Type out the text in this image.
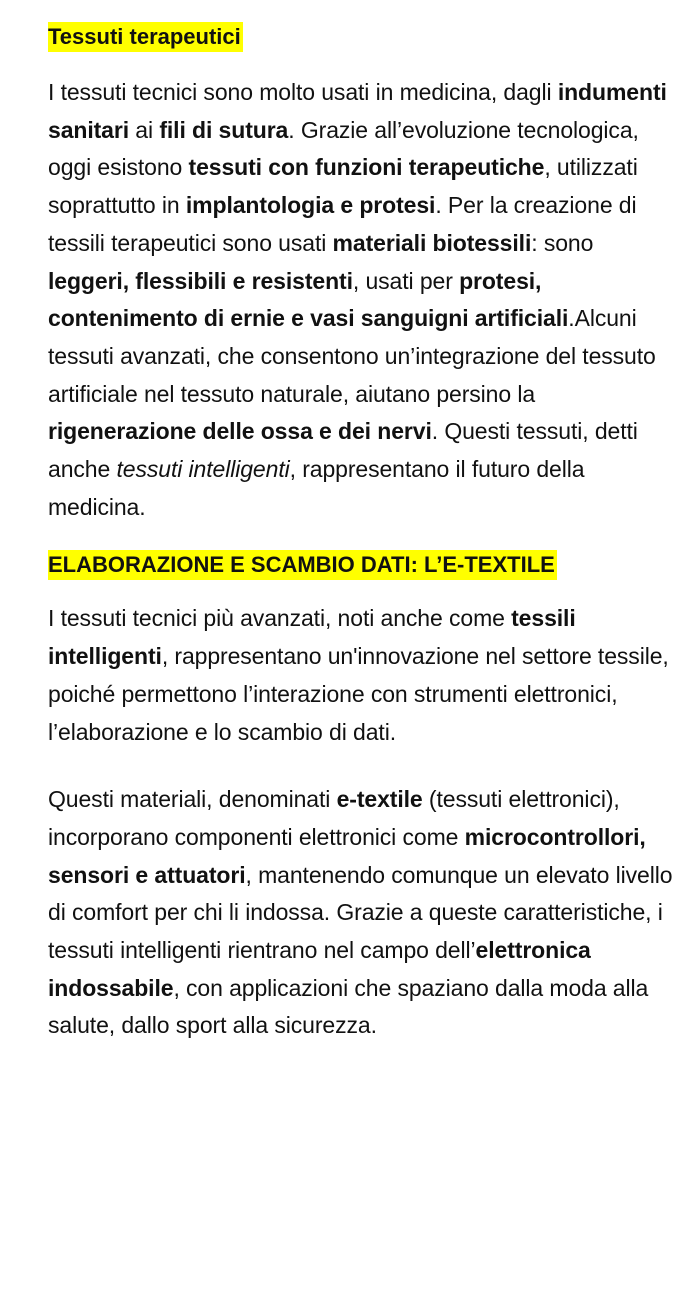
Tessuti terapeutici

I tessuti tecnici sono molto usati in medicina, dagli indumenti sanitari ai fili di sutura. Grazie all’evoluzione tecnologica, oggi esistono tessuti con funzioni terapeutiche, utilizzati soprattutto in implantologia e protesi. Per la creazione di tessili terapeutici sono usati materiali biotessili: sono leggeri, flessibili e resistenti, usati per protesi, contenimento di ernie e vasi sanguigni artificiali.Alcuni tessuti avanzati, che consentono un’integrazione del tessuto artificiale nel tessuto naturale, aiutano persino la rigenerazione delle ossa e dei nervi. Questi tessuti, detti anche tessuti intelligenti, rappresentano il futuro della medicina.

ELABORAZIONE E SCAMBIO DATI: L’E-TEXTILE

I tessuti tecnici più avanzati, noti anche come tessili intelligenti, rappresentano un'innovazione nel settore tessile, poiché permettono l’interazione con strumenti elettronici, l’elaborazione e lo scambio di dati.

Questi materiali, denominati e-textile (tessuti elettronici), incorporano componenti elettronici come microcontrollori, sensori e attuatori, mantenendo comunque un elevato livello di comfort per chi li indossa. Grazie a queste caratteristiche, i tessuti intelligenti rientrano nel campo dell’elettronica indossabile, con applicazioni che spaziano dalla moda alla salute, dallo sport alla sicurezza.
